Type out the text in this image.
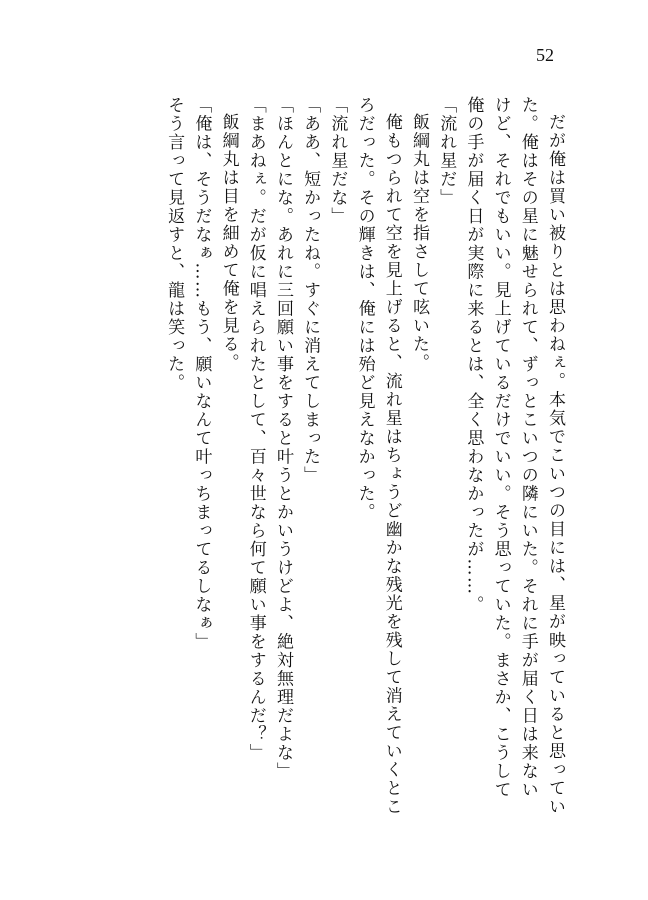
52

だが俺は買い被りとは思わねぇ。本気でこいつの目には、星が映っていると思っていた。俺はその星に魅せられて、ずっとこいつの隣にいた。それに手が届く日は来ないけど、それでもいい。見上げているだけでいい。そう思っていた。まさか、こうして俺の手が届く日が実際に来るとは、全く思わなかったが……。

「流れ星だ」

飯綱丸は空を指さして呟いた。

俺もつられて空を見上げると、流れ星はちょうど幽かな残光を残して消えていくところだった。その輝きは、俺には殆ど見えなかった。

「流れ星だな」

「ああ、短かったね。すぐに消えてしまった」

「ほんとにな。あれに三回願い事をすると叶うとかいうけどよ、絶対無理だよな」

「まあねぇ。だが仮に唱えられたとして、百々世なら何て願い事をするんだ？」

飯綱丸は目を細めて俺を見る。

「俺は、そうだなぁ……もう、願いなんて叶っちまってるしなぁ」

そう言って見返すと、龍は笑った。
